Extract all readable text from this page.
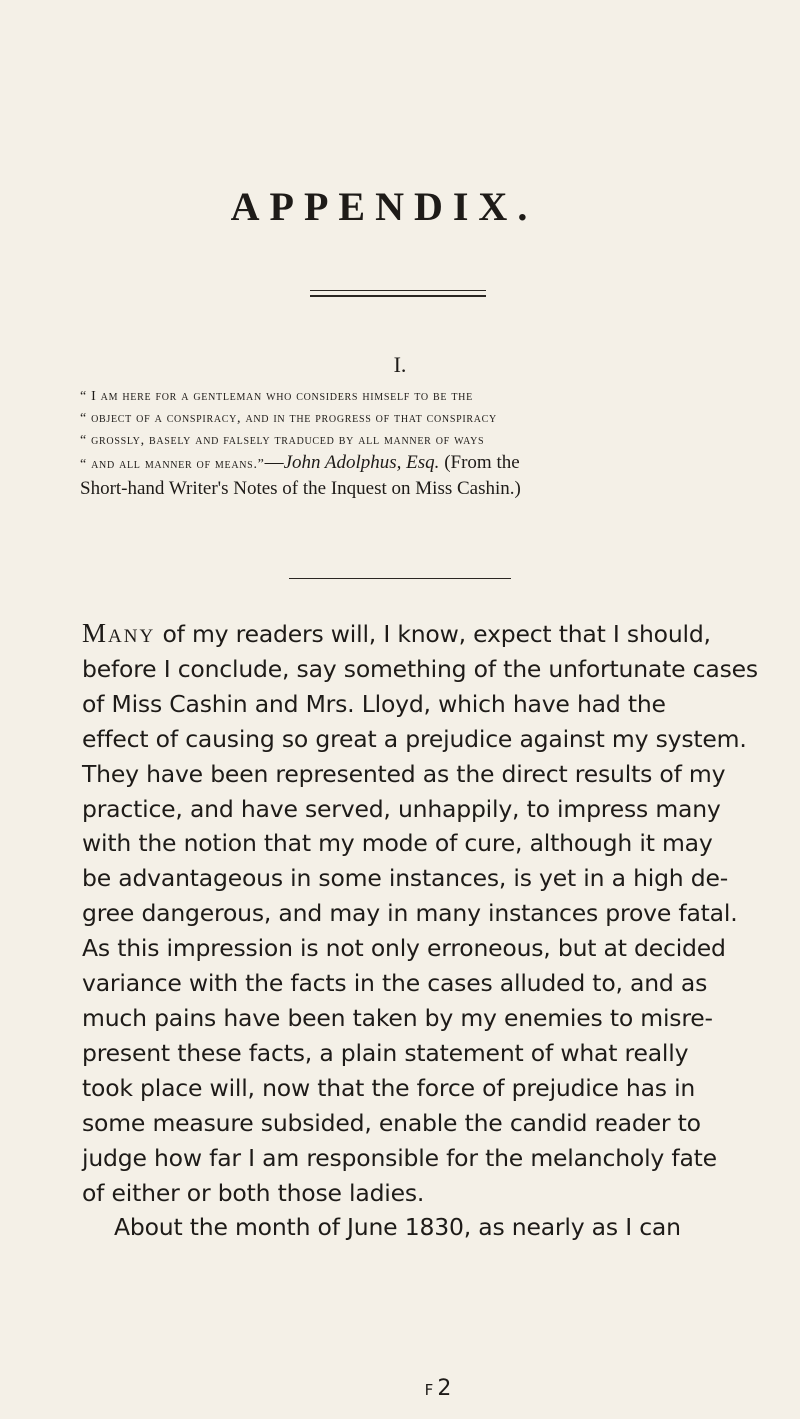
APPENDIX.
I.
“ I am here for a gentleman who considers himself to be the
“ object of a conspiracy, and in the progress of that conspiracy
“ grossly, basely and falsely traduced by all manner of ways
“ and all manner of means.”—John Adolphus, Esq. (From the
Short-hand Writer's Notes of the Inquest on Miss Cashin.)
Many of my readers will, I know, expect that I should,
before I conclude, say something of the unfortunate cases
of Miss Cashin and Mrs. Lloyd, which have had the
effect of causing so great a prejudice against my system.
They have been represented as the direct results of my
practice, and have served, unhappily, to impress many
with the notion that my mode of cure, although it may
be advantageous in some instances, is yet in a high de-
gree dangerous, and may in many instances prove fatal.
As this impression is not only erroneous, but at decided
variance with the facts in the cases alluded to, and as
much pains have been taken by my enemies to misre-
present these facts, a plain statement of what really
took place will, now that the force of prejudice has in
some measure subsided, enable the candid reader to
judge how far I am responsible for the melancholy fate
of either or both those ladies.
About the month of June 1830, as nearly as I can
F 2
